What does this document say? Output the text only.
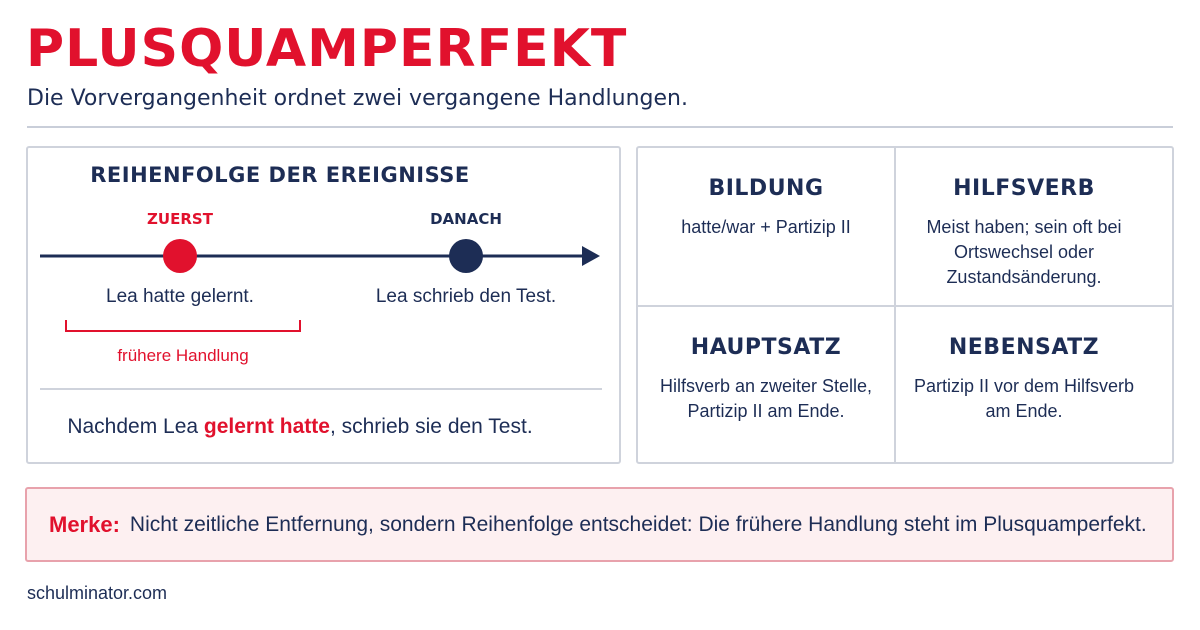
PLUSQUAMPERFEKT
Die Vorvergangenheit ordnet zwei vergangene Handlungen.
REIHENFOLGE DER EREIGNISSE
ZUERST	DANACH
Lea hatte gelernt.	Lea schrieb den Test.
frühere Handlung
Nachdem Lea gelernt hatte, schrieb sie den Test.
BILDUNG

hatte/war + Partizip II

HILFSVERB

Meist haben; sein oft bei Ortswechsel oder Zustandsänderung.

HAUPTSATZ

Hilfsverb an zweiter Stelle, Partizip II am Ende.

NEBENSATZ

Partizip II vor dem Hilfsverb am Ende.

Merke: Nicht zeitliche Entfernung, sondern Reihenfolge entscheidet: Die frühere Handlung steht im Plusquamperfekt.
schulminator.com
